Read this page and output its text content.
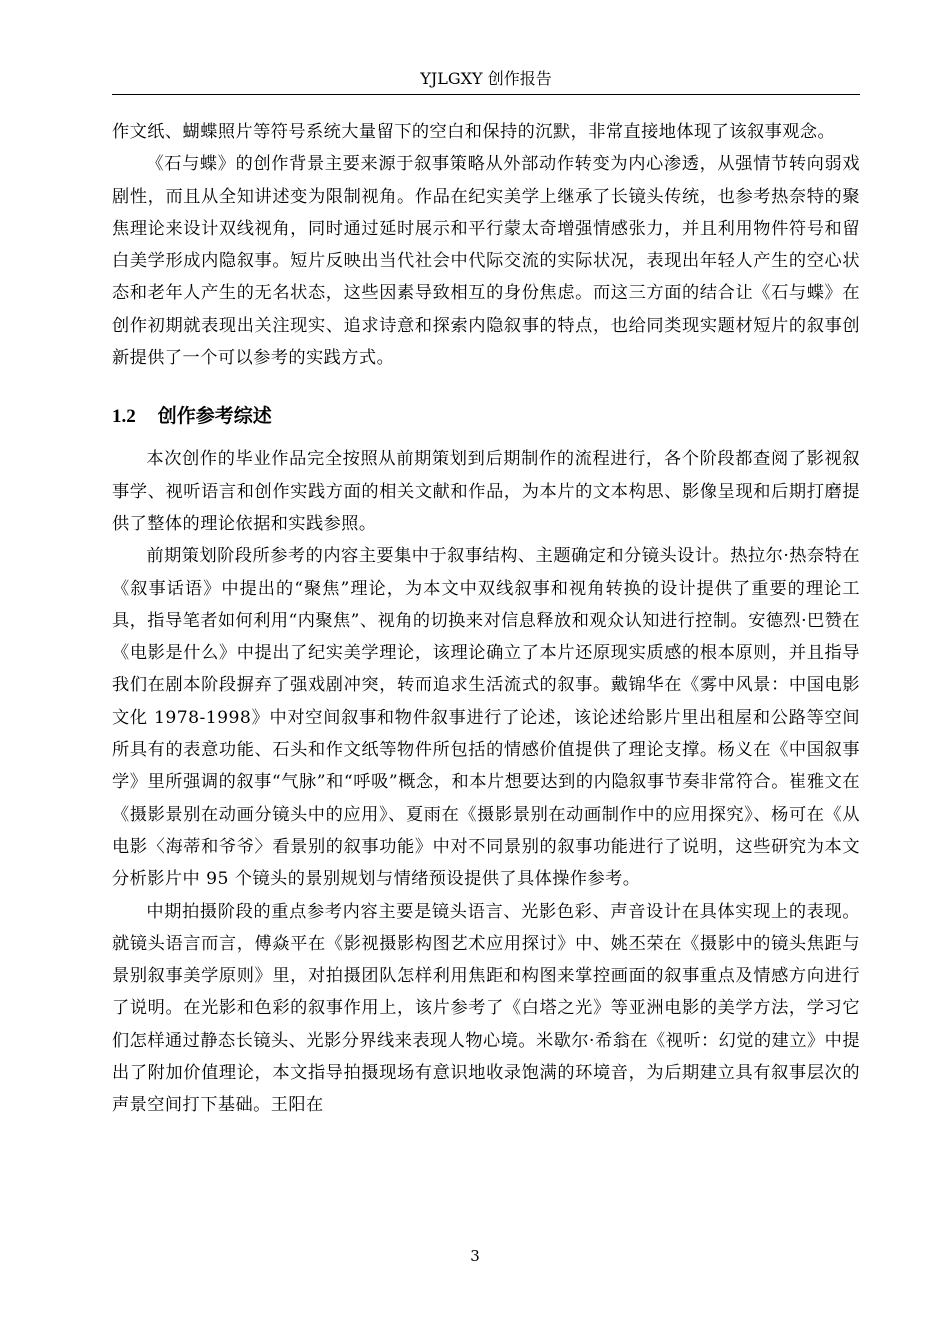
YJLGXY 创作报告

作文纸、蝴蝶照片等符号系统大量留下的空白和保持的沉默，非常直接地体现了该叙事观念。

《石与蝶》的创作背景主要来源于叙事策略从外部动作转变为内心渗透，从强情节转向弱戏剧性，而且从全知讲述变为限制视角。作品在纪实美学上继承了长镜头传统，也参考热奈特的聚焦理论来设计双线视角，同时通过延时展示和平行蒙太奇增强情感张力，并且利用物件符号和留白美学形成内隐叙事。短片反映出当代社会中代际交流的实际状况，表现出年轻人产生的空心状态和老年人产生的无名状态，这些因素导致相互的身份焦虑。而这三方面的结合让《石与蝶》在创作初期就表现出关注现实、追求诗意和探索内隐叙事的特点，也给同类现实题材短片的叙事创新提供了一个可以参考的实践方式。

1.2 创作参考综述

本次创作的毕业作品完全按照从前期策划到后期制作的流程进行，各个阶段都查阅了影视叙事学、视听语言和创作实践方面的相关文献和作品，为本片的文本构思、影像呈现和后期打磨提供了整体的理论依据和实践参照。

前期策划阶段所参考的内容主要集中于叙事结构、主题确定和分镜头设计。热拉尔·热奈特在《叙事话语》中提出的“聚焦”理论，为本文中双线叙事和视角转换的设计提供了重要的理论工具，指导笔者如何利用“内聚焦”、视角的切换来对信息释放和观众认知进行控制。安德烈·巴赞在《电影是什么》中提出了纪实美学理论，该理论确立了本片还原现实质感的根本原则，并且指导我们在剧本阶段摒弃了强戏剧冲突，转而追求生活流式的叙事。戴锦华在《雾中风景：中国电影文化 1978-1998》中对空间叙事和物件叙事进行了论述，该论述给影片里出租屋和公路等空间所具有的表意功能、石头和作文纸等物件所包括的情感价值提供了理论支撑。杨义在《中国叙事学》里所强调的叙事“气脉”和“呼吸”概念，和本片想要达到的内隐叙事节奏非常符合。崔雅文在《摄影景别在动画分镜头中的应用》、夏雨在《摄影景别在动画制作中的应用探究》、杨可在《从电影〈海蒂和爷爷〉看景别的叙事功能》中对不同景别的叙事功能进行了说明，这些研究为本文分析影片中 95 个镜头的景别规划与情绪预设提供了具体操作参考。

中期拍摄阶段的重点参考内容主要是镜头语言、光影色彩、声音设计在具体实现上的表现。就镜头语言而言，傅焱平在《影视摄影构图艺术应用探讨》中、姚丕荣在《摄影中的镜头焦距与景别叙事美学原则》里，对拍摄团队怎样利用焦距和构图来掌控画面的叙事重点及情感方向进行了说明。在光影和色彩的叙事作用上，该片参考了《白塔之光》等亚洲电影的美学方法，学习它们怎样通过静态长镜头、光影分界线来表现人物心境。米歇尔·希翁在《视听：幻觉的建立》中提出了附加价值理论，本文指导拍摄现场有意识地收录饱满的环境音，为后期建立具有叙事层次的声景空间打下基础。王阳在

3
